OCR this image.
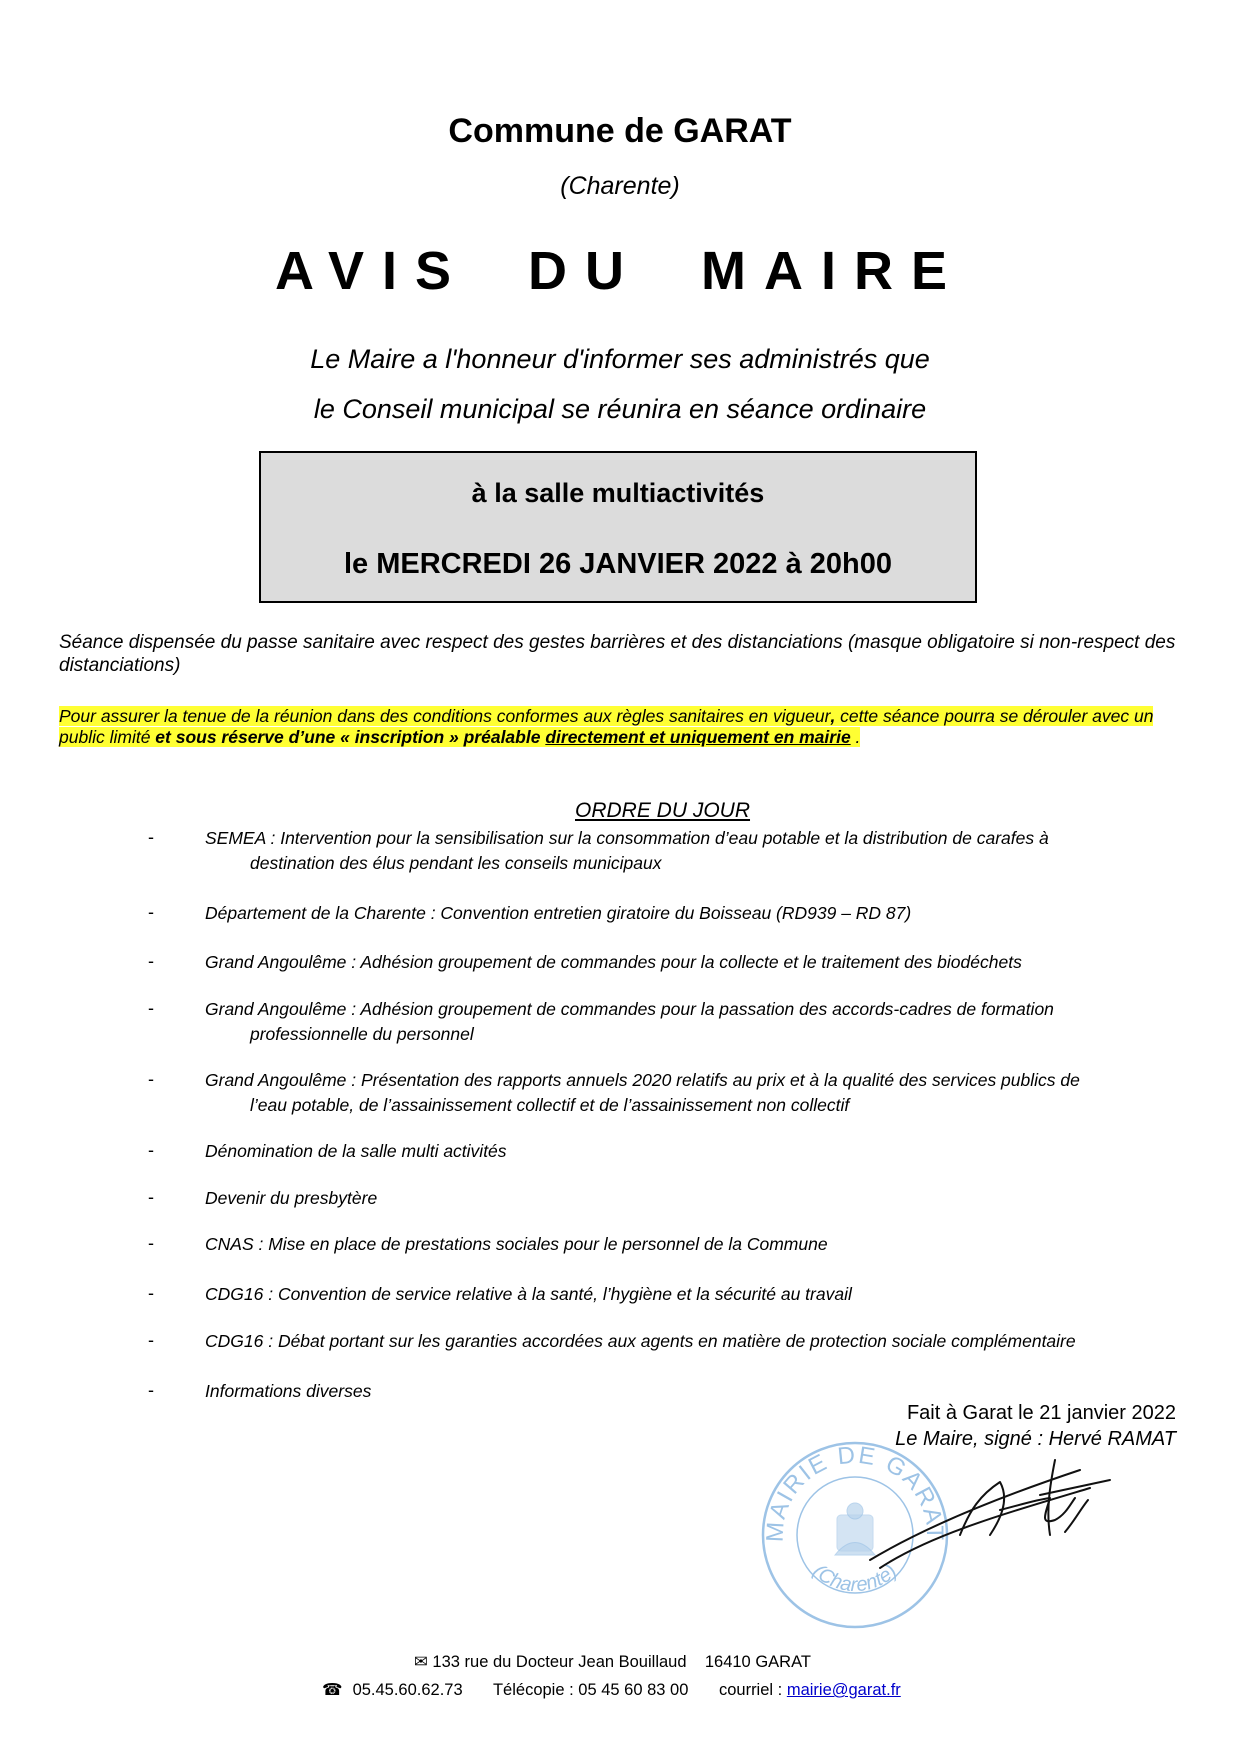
Commune de GARAT
(Charente)
AVIS DU MAIRE
Le Maire a l'honneur d'informer ses administrés que
le Conseil municipal se réunira en séance ordinaire
à la salle multiactivités
le MERCREDI 26 JANVIER 2022 à 20h00
Séance dispensée du passe sanitaire avec respect des gestes barrières et des distanciations (masque obligatoire si non-respect des distanciations)
Pour assurer la tenue de la réunion dans des conditions conformes aux règles sanitaires en vigueur, cette séance pourra se dérouler avec un public limité et sous réserve d’une « inscription » préalable directement et uniquement en mairie .
ORDRE DU JOUR
-	SEMEA : Intervention pour la sensibilisation sur la consommation d’eau potable et la distribution de carafes à
destination des élus pendant les conseils municipaux
-	Département de la Charente : Convention entretien giratoire du Boisseau (RD939 – RD 87)
-	Grand Angoulême : Adhésion groupement de commandes pour la collecte et le traitement des biodéchets
-	Grand Angoulême : Adhésion groupement de commandes pour la passation des accords-cadres de formation
professionnelle du personnel
-	Grand Angoulême : Présentation des rapports annuels 2020 relatifs au prix et à la qualité des services publics de
l’eau potable, de l’assainissement collectif et de l’assainissement non collectif
-	Dénomination de la salle multi activités
-	Devenir du presbytère
-	CNAS : Mise en place de prestations sociales pour le personnel de la Commune
-	CDG16 : Convention de service relative à la santé, l’hygiène et la sécurité au travail
-	CDG16 : Débat portant sur les garanties accordées aux agents en matière de protection sociale complémentaire
-	Informations diverses
Fait à Garat le 21 janvier 2022
Le Maire, signé : Hervé RAMAT
MAIRIE DE GARAT
(Charente)
✉ 133 rue du Docteur Jean Bouillaud    16410 GARAT
☎ 05.45.60.62.73 Télécopie : 05 45 60 83 00 courriel : mairie@garat.fr
